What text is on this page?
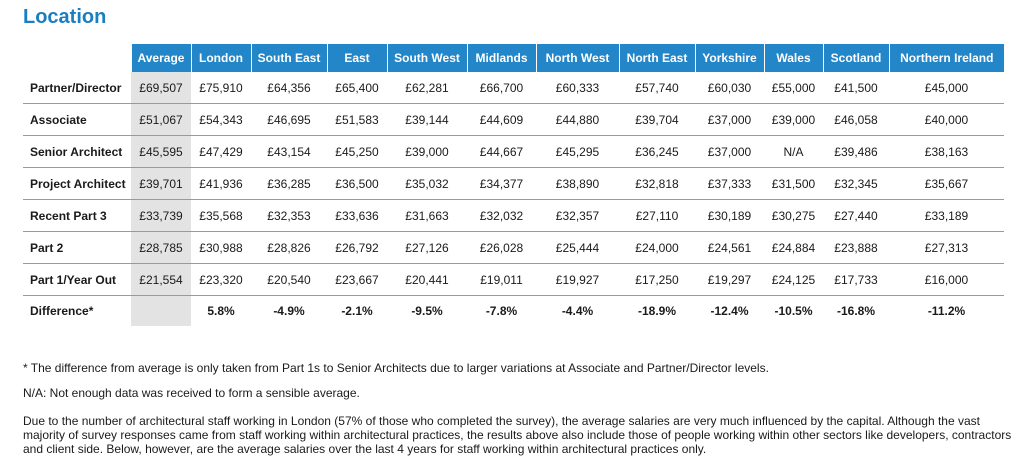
Location
	Average	London	South East	East	South West	Midlands	North West	North East	Yorkshire	Wales	Scotland	Northern Ireland
Partner/Director	£69,507	£75,910	£64,356	£65,400	£62,281	£66,700	£60,333	£57,740	£60,030	£55,000	£41,500	£45,000
Associate	£51,067	£54,343	£46,695	£51,583	£39,144	£44,609	£44,880	£39,704	£37,000	£39,000	£46,058	£40,000
Senior Architect	£45,595	£47,429	£43,154	£45,250	£39,000	£44,667	£45,295	£36,245	£37,000	N/A	£39,486	£38,163
Project Architect	£39,701	£41,936	£36,285	£36,500	£35,032	£34,377	£38,890	£32,818	£37,333	£31,500	£32,345	£35,667
Recent Part 3	£33,739	£35,568	£32,353	£33,636	£31,663	£32,032	£32,357	£27,110	£30,189	£30,275	£27,440	£33,189
Part 2	£28,785	£30,988	£28,826	£26,792	£27,126	£26,028	£25,444	£24,000	£24,561	£24,884	£23,888	£27,313
Part 1/Year Out	£21,554	£23,320	£20,540	£23,667	£20,441	£19,011	£19,927	£17,250	£19,297	£24,125	£17,733	£16,000
Difference*		5.8%	-4.9%	-2.1%	-9.5%	-7.8%	-4.4%	-18.9%	-12.4%	-10.5%	-16.8%	-11.2%
* The difference from average is only taken from Part 1s to Senior Architects due to larger variations at Associate and Partner/Director levels.
N/A: Not enough data was received to form a sensible average.
Due to the number of architectural staff working in London (57% of those who completed the survey), the average salaries are very much influenced by the capital. Although the vast majority of survey responses came from staff working within architectural practices, the results above also include those of people working within other sectors like developers, contractors and client side. Below, however, are the average salaries over the last 4 years for staff working within architectural practices only.
